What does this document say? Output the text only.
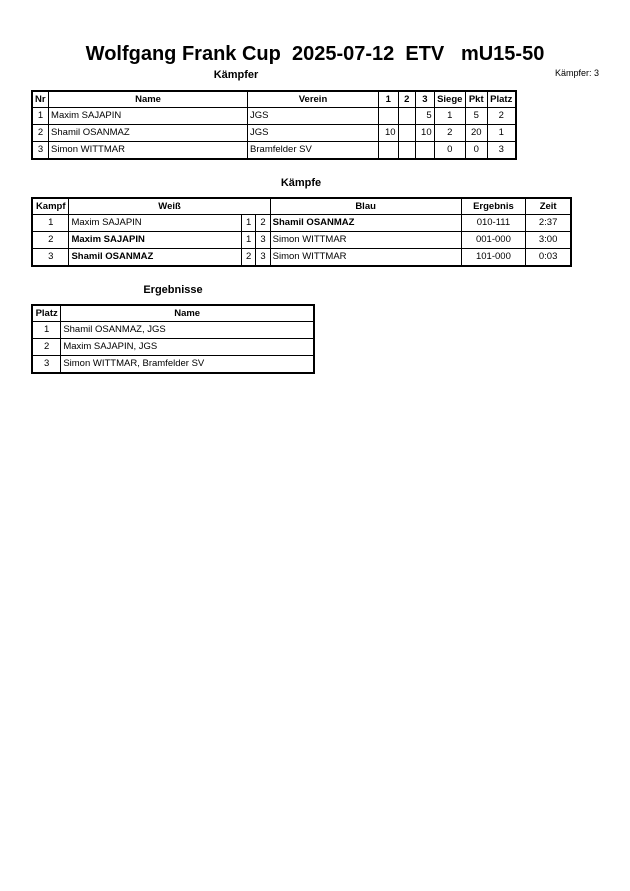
Wolfgang Frank Cup  2025-07-12  ETV   mU15-50
Kämpfer: 3
Kämpfer
Nr	Name	Verein	1	2	3	Siege	Pkt	Platz
1	Maxim SAJAPIN	JGS			5	1	5	2
2	Shamil OSANMAZ	JGS	10		10	2	20	1
3	Simon WITTMAR	Bramfelder SV				0	0	3
Kämpfe
Kampf	Weiß			Blau	Ergebnis	Zeit
1	Maxim SAJAPIN	1	2	Shamil OSANMAZ	010-111	2:37
2	Maxim SAJAPIN	1	3	Simon WITTMAR	001-000	3:00
3	Shamil OSANMAZ	2	3	Simon WITTMAR	101-000	0:03
Ergebnisse
Platz	Name
1	Shamil OSANMAZ, JGS
2	Maxim SAJAPIN, JGS
3	Simon WITTMAR, Bramfelder SV
